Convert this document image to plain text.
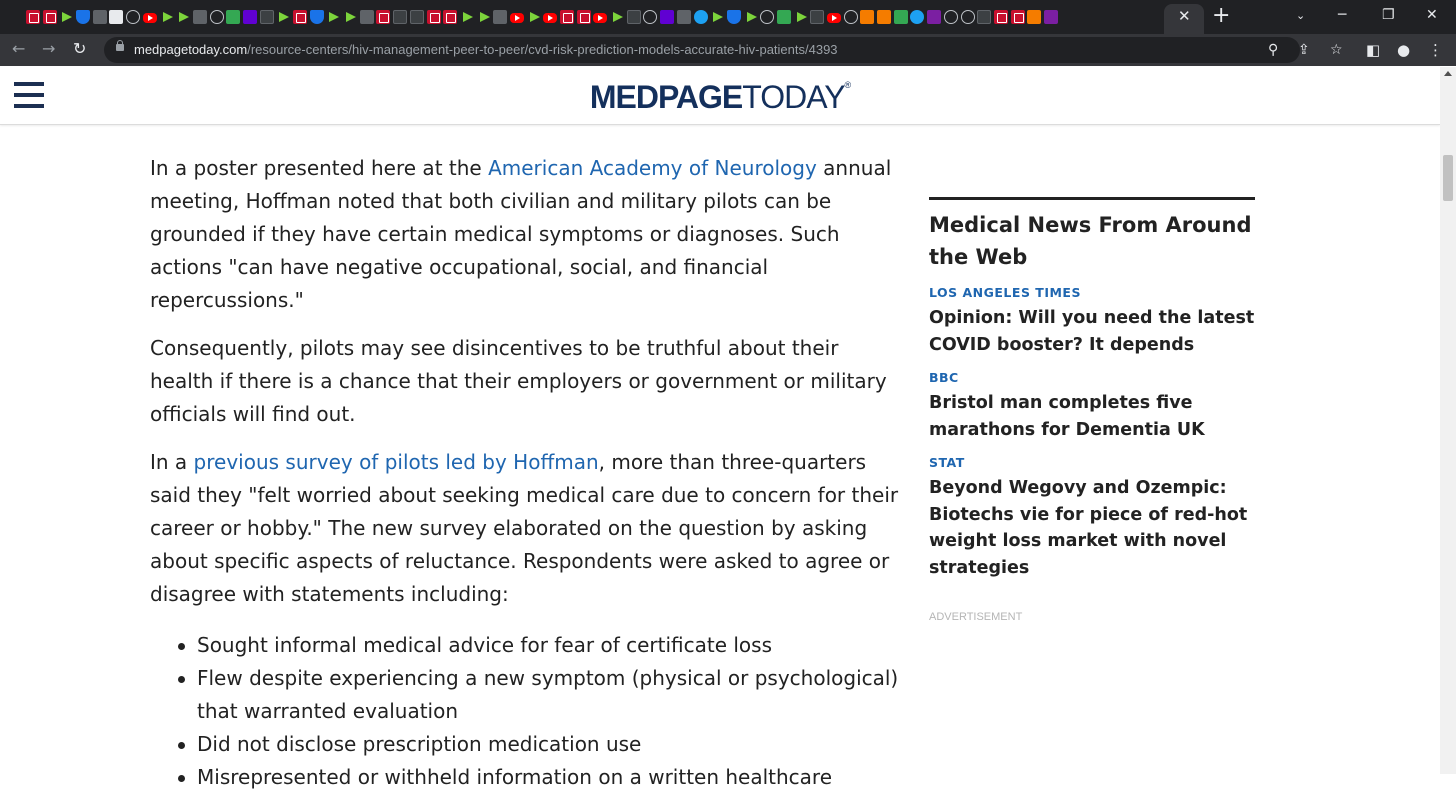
✕ +	⌄ ─	❐ ✕
← → ↻	medpagetoday.com/resource-centers/hiv-management-peer-to-peer/cvd-risk-prediction-models-accurate-hiv-patients/4393	⚲ ⇪ ☆ ◧ ● ⋮
MEDPAGETODAY®

In a poster presented here at the American Academy of Neurology annual meeting, Hoffman noted that both civilian and military pilots can be grounded if they have certain medical symptoms or diagnoses. Such actions "can have negative occupational, social, and financial repercussions."

Consequently, pilots may see disincentives to be truthful about their health if there is a chance that their employers or government or military officials will find out.

In a previous survey of pilots led by Hoffman, more than three-quarters said they "felt worried about seeking medical care due to concern for their career or hobby." The new survey elaborated on the question by asking about specific aspects of reluctance. Respondents were asked to agree or disagree with statements including:

Sought informal medical advice for fear of certificate loss
Flew despite experiencing a new symptom (physical or psychological) that warranted evaluation
Did not disclose prescription medication use
Misrepresented or withheld information on a written healthcare
Medical News From Around the Web
LOS ANGELES TIMES
Opinion: Will you need the latest COVID booster? It depends
BBC
Bristol man completes five marathons for Dementia UK
STAT
Beyond Wegovy and Ozempic: Biotechs vie for piece of red-hot weight loss market with novel strategies
ADVERTISEMENT
